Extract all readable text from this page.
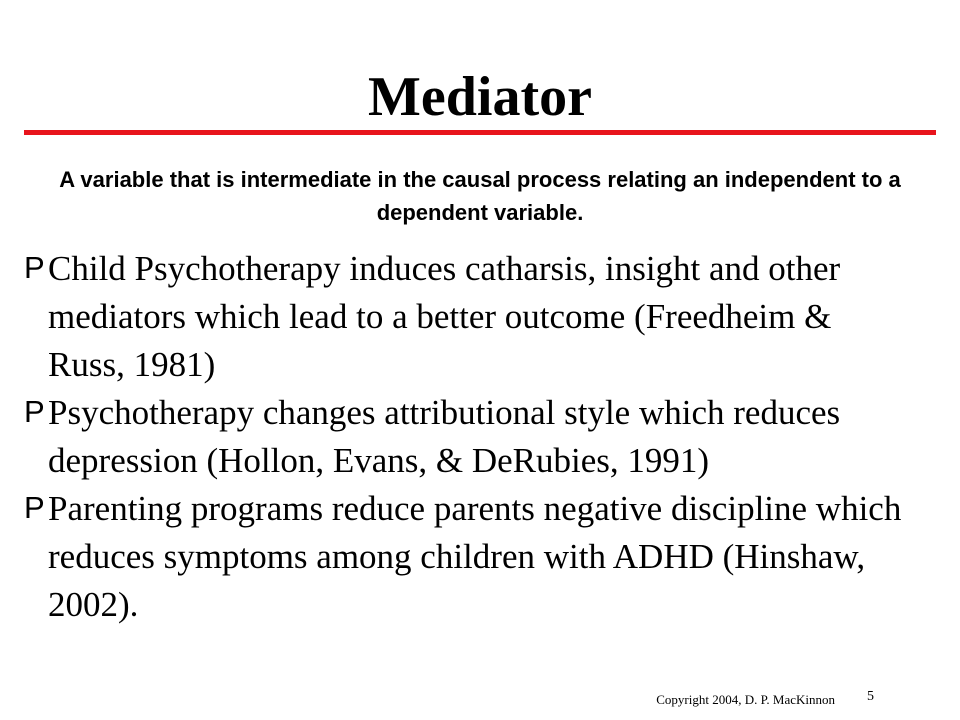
Mediator
A variable that is intermediate in the causal process relating an independent to a dependent variable.
P Child Psychotherapy induces catharsis, insight and other mediators which lead to a better outcome (Freedheim & Russ, 1981)
P Psychotherapy changes attributional style which reduces depression (Hollon, Evans, & DeRubies, 1991)
P Parenting programs reduce parents negative discipline which reduces symptoms among children with ADHD (Hinshaw, 2002).
Copyright 2004, D. P. MacKinnon 5
